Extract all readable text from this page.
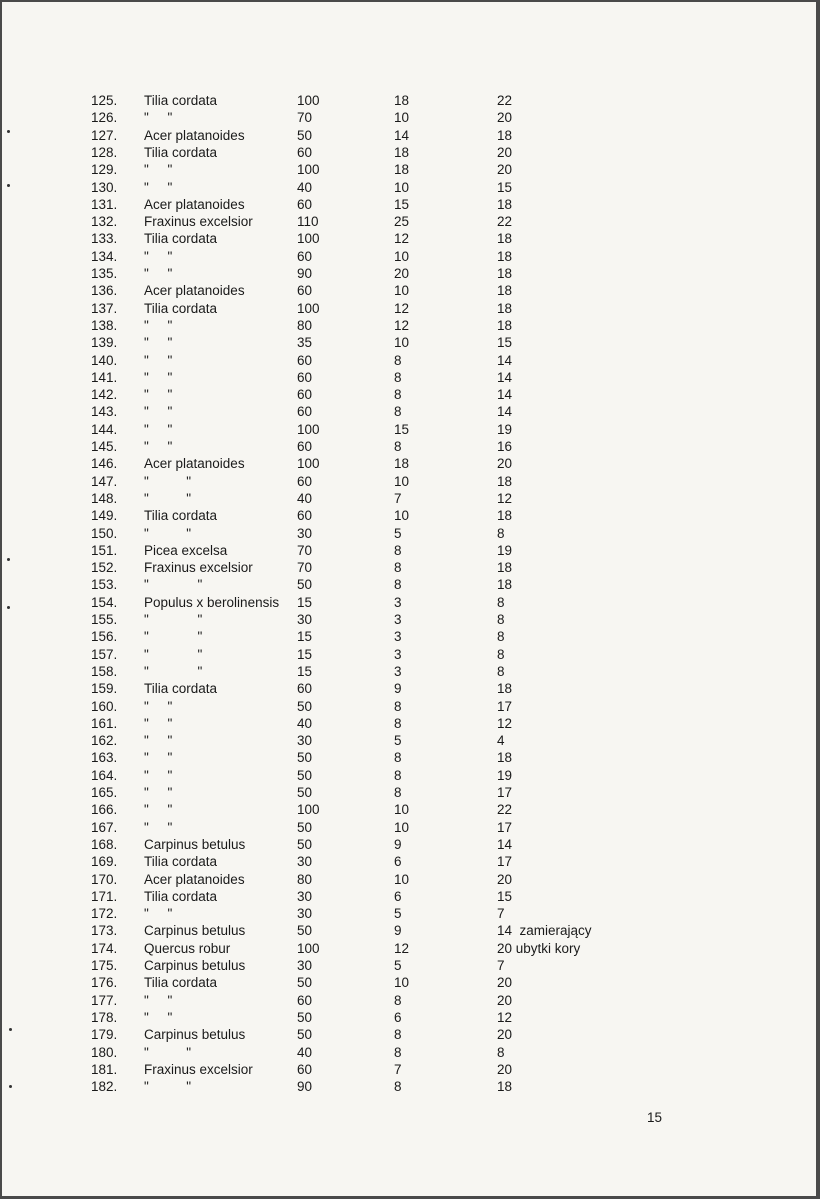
125. Tilia cordata	100	18	22
126. "     "	70	10	20
127. Acer platanoides	50	14	18
128. Tilia cordata	60	18	20
129. "     "	100	18	20
130. "     "	40	10	15
131. Acer platanoides	60	15	18
132. Fraxinus excelsior	110	25	22
133. Tilia cordata	100	12	18
134. "     "	60	10	18
135. "     "	90	20	18
136. Acer platanoides	60	10	18
137. Tilia cordata	100	12	18
138. "     "	80	12	18
139. "     "	35	10	15
140. "     "	60	8	14
141. "     "	60	8	14
142. "     "	60	8	14
143. "     "	60	8	14
144. "     "	100	15	19
145. "     "	60	8	16
146. Acer platanoides	100	18	20
147. "          "	60	10	18
148. "          "	40	7	12
149. Tilia cordata	60	10	18
150. "          "	30	5	8
151. Picea excelsa	70	8	19
152. Fraxinus excelsior	70	8	18
153. "             "	50	8	18
154. Populus x berolinensis 15	3	8
155. "             "	30	3	8
156. "             "	15	3	8
157. "             "	15	3	8
158. "             "	15	3	8
159. Tilia cordata	60	9	18
160. "     "	50	8	17
161. "     "	40	8	12
162. "     "	30	5	4
163. "     "	50	8	18
164. "     "	50	8	19
165. "     "	50	8	17
166. "     "	100	10	22
167. "     "	50	10	17
168. Carpinus betulus	50	9	14
169. Tilia cordata	30	6	17
170. Acer platanoides	80	10	20
171. Tilia cordata	30	6	15
172. "     "	30	5	7
173. Carpinus betulus	50	9	14  zamierający
174. Quercus robur	100	12	20 ubytki kory
175. Carpinus betulus	30	5	7
176. Tilia cordata	50	10	20
177. "     "	60	8	20
178. "     "	50	6	12
179. Carpinus betulus	50	8	20
180. "          "	40	8	8
181. Fraxinus excelsior	60	7	20
182. "          "	90	8	18
15
